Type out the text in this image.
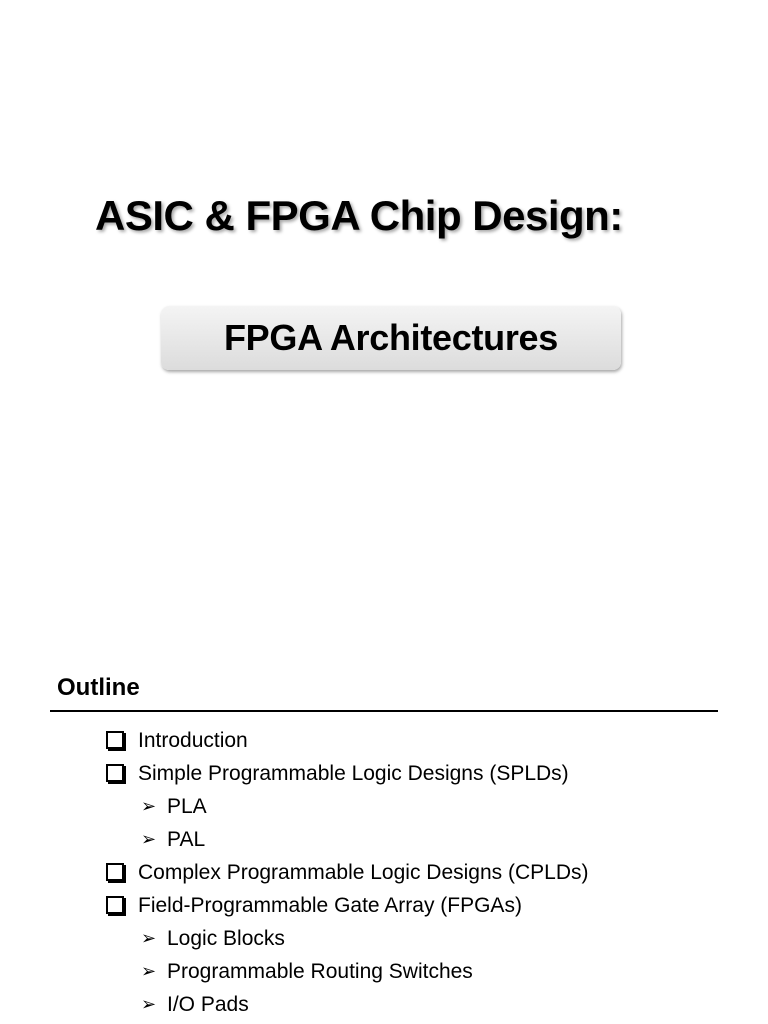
ASIC & FPGA Chip Design:
FPGA Architectures
Outline
Introduction
Simple Programmable Logic Designs (SPLDs)
➢ PLA
➢ PAL
Complex Programmable Logic Designs (CPLDs)
Field-Programmable Gate Array (FPGAs)
➢ Logic Blocks
➢ Programmable Routing Switches
➢ I/O Pads
